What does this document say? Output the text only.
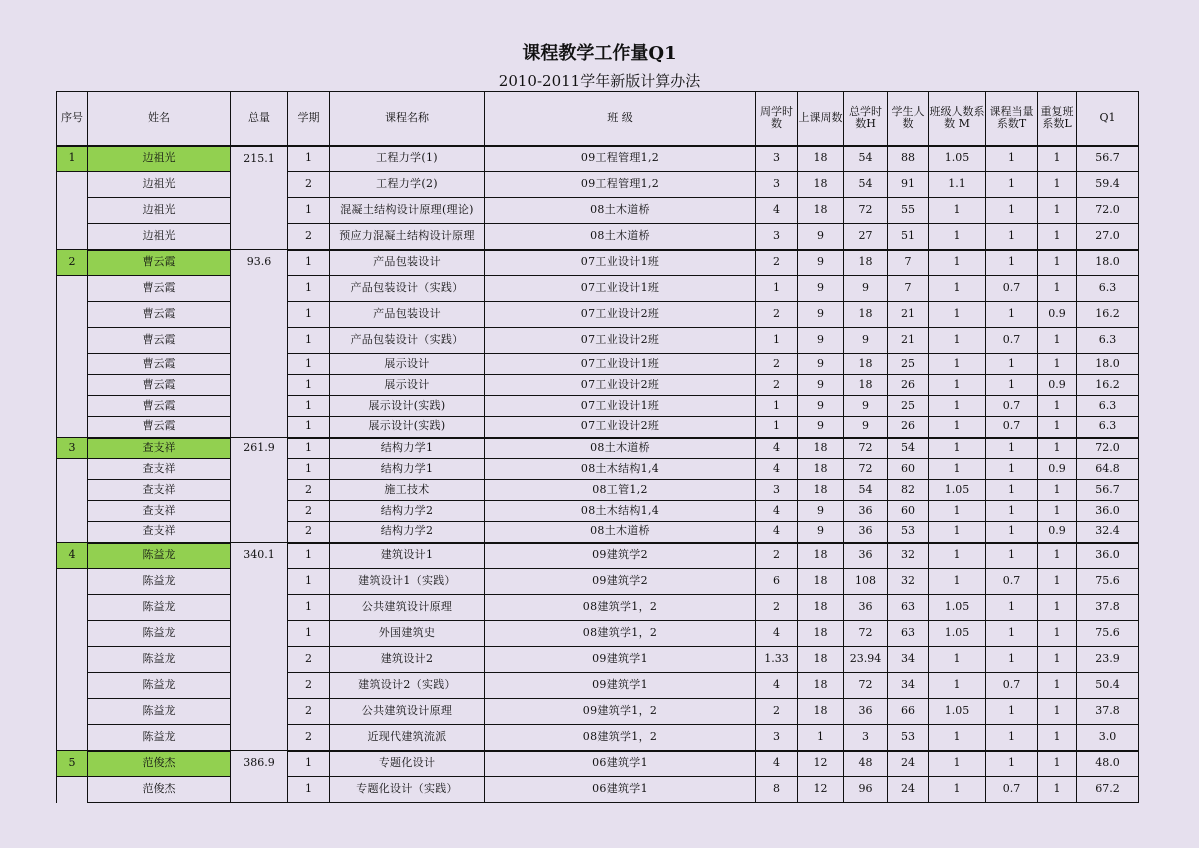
课程教学工作量Q1
2010-2011学年新版计算办法
序号	姓名	总量	学期	课程名称	班 级	周学时数	上课周数	总学时数H	学生人数	班级人数系数 M	课程当量系数T	重复班系数L	Q1
1	边祖光	215.1	1	工程力学(1)	09工程管理1,2	3	18	54	88	1.05	1	1	56.7
	边祖光		2	工程力学(2)	09工程管理1,2	3	18	54	91	1.1	1	1	59.4
	边祖光		1	混凝土结构设计原理(理论)	08土木道桥	4	18	72	55	1	1	1	72.0
	边祖光		2	预应力混凝土结构设计原理	08土木道桥	3	9	27	51	1	1	1	27.0
2	曹云霞	93.6	1	产品包装设计	07工业设计1班	2	9	18	7	1	1	1	18.0
	曹云霞		1	产品包装设计（实践）	07工业设计1班	1	9	9	7	1	0.7	1	6.3
	曹云霞		1	产品包装设计	07工业设计2班	2	9	18	21	1	1	0.9	16.2
	曹云霞		1	产品包装设计（实践）	07工业设计2班	1	9	9	21	1	0.7	1	6.3
	曹云霞		1	展示设计	07工业设计1班	2	9	18	25	1	1	1	18.0
	曹云霞		1	展示设计	07工业设计2班	2	9	18	26	1	1	0.9	16.2
	曹云霞		1	展示设计(实践)	07工业设计1班	1	9	9	25	1	0.7	1	6.3
	曹云霞		1	展示设计(实践)	07工业设计2班	1	9	9	26	1	0.7	1	6.3
3	查支祥	261.9	1	结构力学1	08土木道桥	4	18	72	54	1	1	1	72.0
	查支祥		1	结构力学1	08土木结构1,4	4	18	72	60	1	1	0.9	64.8
	查支祥		2	施工技术	08工管1,2	3	18	54	82	1.05	1	1	56.7
	查支祥		2	结构力学2	08土木结构1,4	4	9	36	60	1	1	1	36.0
	查支祥		2	结构力学2	08土木道桥	4	9	36	53	1	1	0.9	32.4
4	陈益龙	340.1	1	建筑设计1	09建筑学2	2	18	36	32	1	1	1	36.0
	陈益龙		1	建筑设计1（实践）	09建筑学2	6	18	108	32	1	0.7	1	75.6
	陈益龙		1	公共建筑设计原理	08建筑学1，2	2	18	36	63	1.05	1	1	37.8
	陈益龙		1	外国建筑史	08建筑学1，2	4	18	72	63	1.05	1	1	75.6
	陈益龙		2	建筑设计2	09建筑学1	1.33	18	23.94	34	1	1	1	23.9
	陈益龙		2	建筑设计2（实践）	09建筑学1	4	18	72	34	1	0.7	1	50.4
	陈益龙		2	公共建筑设计原理	09建筑学1，2	2	18	36	66	1.05	1	1	37.8
	陈益龙		2	近现代建筑流派	08建筑学1，2	3	1	3	53	1	1	1	3.0
5	范俊杰	386.9	1	专题化设计	06建筑学1	4	12	48	24	1	1	1	48.0
	范俊杰		1	专题化设计（实践）	06建筑学1	8	12	96	24	1	0.7	1	67.2
